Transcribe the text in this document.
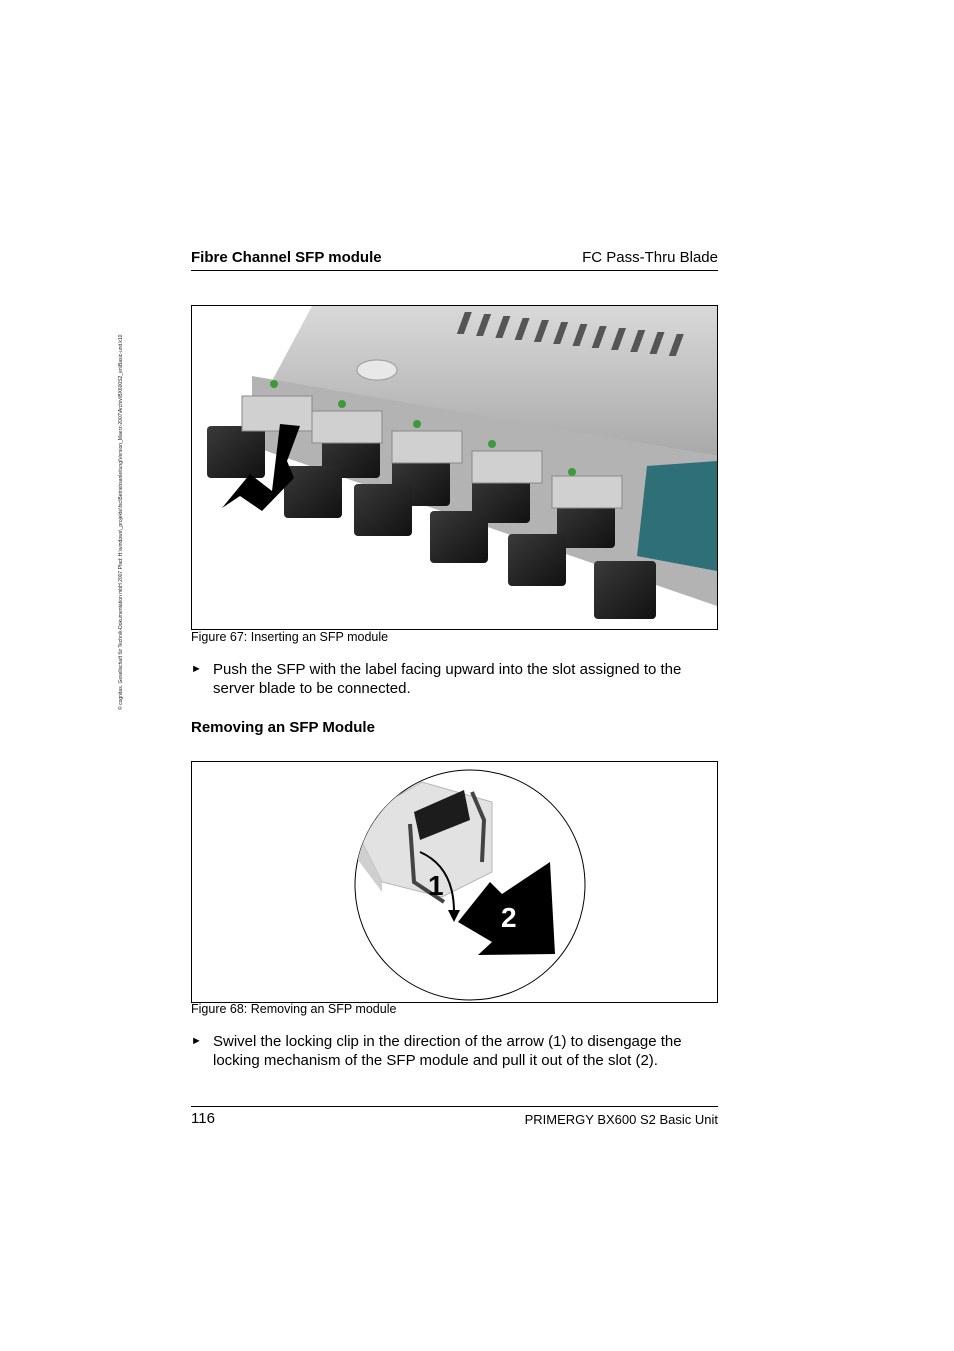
© cognitas. Gesellschaft für Technik-Dokumentation mbH 2007 Pfad: H:\windows\_projekte\fsc\Betriebsanleitung\Version_Maerz-2007\Archiv\BX600S2_en\Basic-unit.k10
Fibre Channel SFP module	FC Pass-Thru Blade
Figure 67: Inserting an SFP module
► Push the SFP with the label facing upward into the slot assigned to the server blade to be connected.
Removing an SFP Module
1
2
Figure 68: Removing an SFP module
► Swivel the locking clip in the direction of the arrow (1) to disengage the locking mechanism of the SFP module and pull it out of the slot (2).
116	PRIMERGY BX600 S2 Basic Unit
